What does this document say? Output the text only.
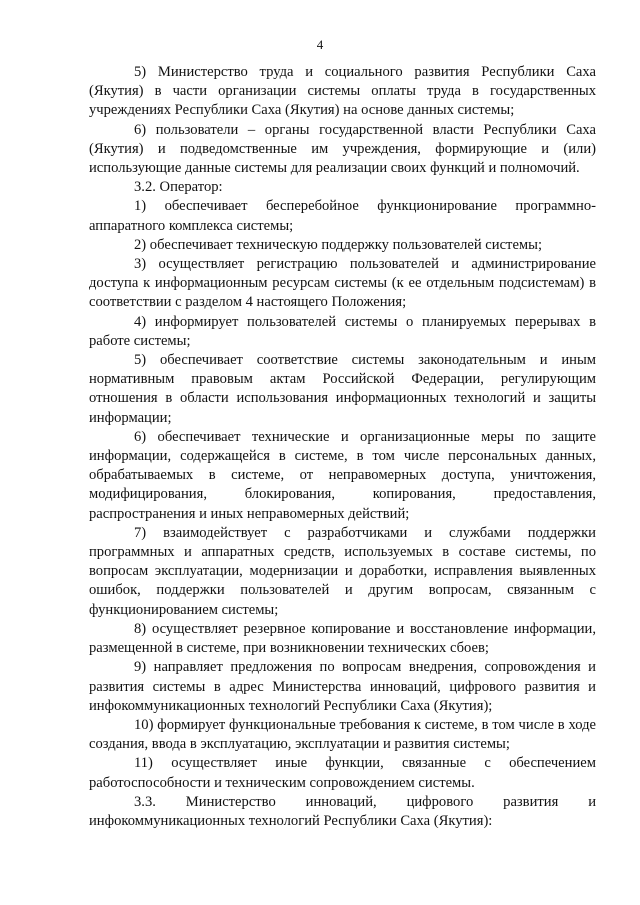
4

5) Министерство труда и социального развития Республики Саха (Якутия) в части организации системы оплаты труда в государственных учреждениях Республики Саха (Якутия) на основе данных системы;

6) пользователи – органы государственной власти Республики Саха (Якутия) и подведомственные им учреждения, формирующие и (или) использующие данные системы для реализации своих функций и полномочий.

3.2. Оператор:

1) обеспечивает бесперебойное функционирование программно-аппаратного комплекса системы;

2) обеспечивает техническую поддержку пользователей системы;

3) осуществляет регистрацию пользователей и администрирование доступа к информационным ресурсам системы (к ее отдельным подсистемам) в соответствии с разделом 4 настоящего Положения;

4) информирует пользователей системы о планируемых перерывах в работе системы;

5) обеспечивает соответствие системы законодательным и иным нормативным правовым актам Российской Федерации, регулирующим отношения в области использования информационных технологий и защиты информации;

6) обеспечивает технические и организационные меры по защите информации, содержащейся в системе, в том числе персональных данных, обрабатываемых в системе, от неправомерных доступа, уничтожения, модифицирования, блокирования, копирования, предоставления, распространения и иных неправомерных действий;

7) взаимодействует с разработчиками и службами поддержки программных и аппаратных средств, используемых в составе системы, по вопросам эксплуатации, модернизации и доработки, исправления выявленных ошибок, поддержки пользователей и другим вопросам, связанным с функционированием системы;

8) осуществляет резервное копирование и восстановление информации, размещенной в системе, при возникновении технических сбоев;

9) направляет предложения по вопросам внедрения, сопровождения и развития системы в адрес Министерства инноваций, цифрового развития и инфокоммуникационных технологий Республики Саха (Якутия);

10) формирует функциональные требования к системе, в том числе в ходе создания, ввода в эксплуатацию, эксплуатации и развития системы;

11) осуществляет иные функции, связанные с обеспечением работоспособности и техническим сопровождением системы.

3.3. Министерство инноваций, цифрового развития и инфокоммуникационных технологий Республики Саха (Якутия):
